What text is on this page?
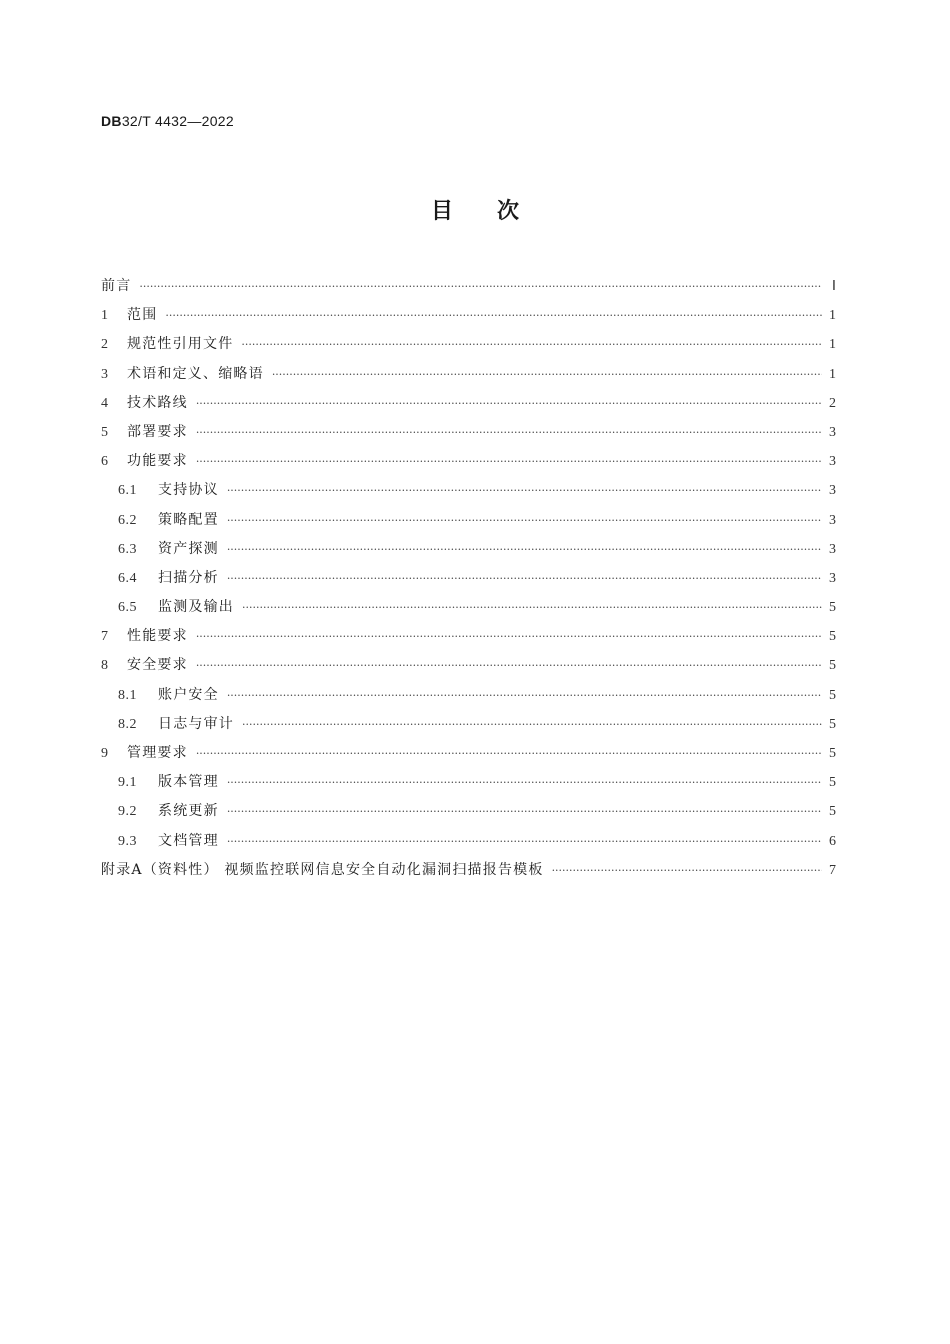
DB32/T 4432—2022
目次
前言 ·····	Ⅰ
1	范围 ·····	1
2	规范性引用文件 ·····	1
3	术语和定义、缩略语 ·····	1
4	技术路线 ·····	2
5	部署要求 ·····	3
6	功能要求 ·····	3
6.1	支持协议 ·····	3
6.2	策略配置 ·····	3
6.3	资产探测 ·····	3
6.4	扫描分析 ·····	3
6.5	监测及输出 ·····	5
7	性能要求 ·····	5
8	安全要求 ·····	5
8.1	账户安全 ·····	5
8.2	日志与审计 ·····	5
9	管理要求 ·····	5
9.1	版本管理 ·····	5
9.2	系统更新 ·····	5
9.3	文档管理 ·····	6
附录A（资料性） 视频监控联网信息安全自动化漏洞扫描报告模板 ·····	7
